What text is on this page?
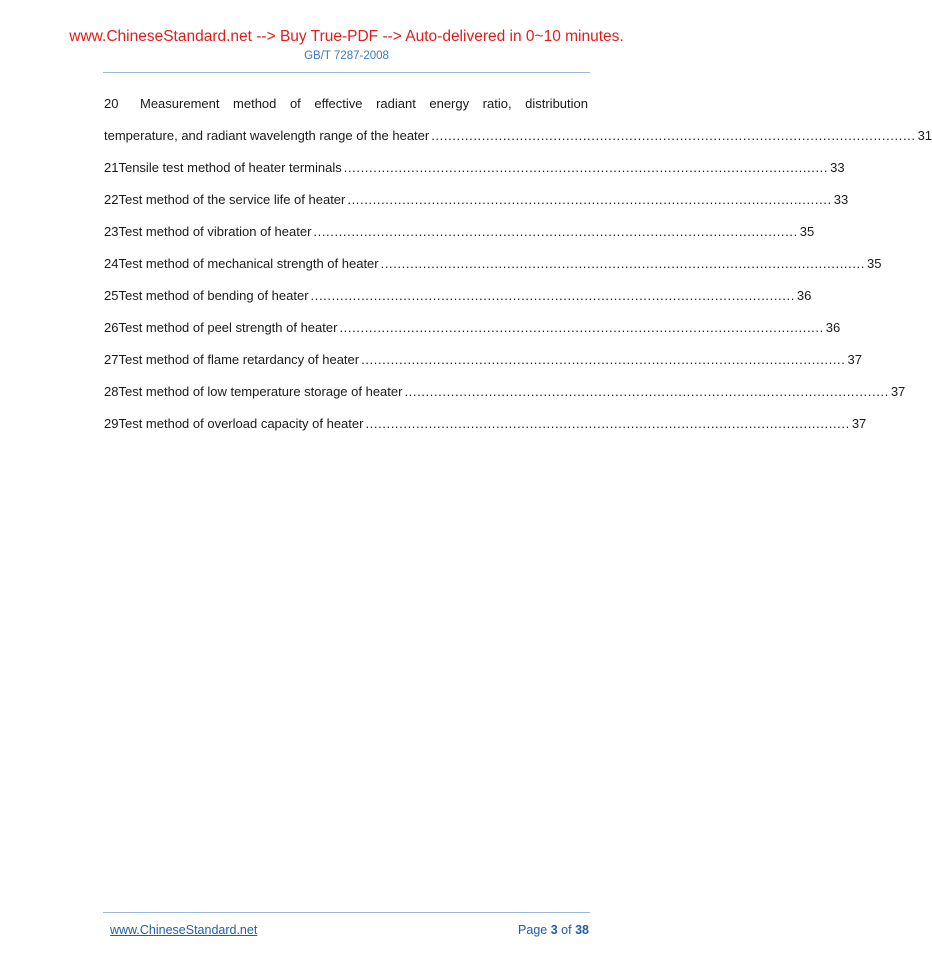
www.ChineseStandard.net --> Buy True-PDF --> Auto-delivered in 0~10 minutes.
GB/T 7287-2008
20 Measurement method of effective radiant energy ratio, distribution
temperature, and radiant wavelength range of the heater ................................................................................................................... 31
21 Tensile test method of heater terminals ................................................................................................................... 33
22 Test method of the service life of heater ................................................................................................................... 33
23 Test method of vibration of heater ................................................................................................................... 35
24 Test method of mechanical strength of heater ................................................................................................................... 35
25 Test method of bending of heater ................................................................................................................... 36
26 Test method of peel strength of heater ................................................................................................................... 36
27 Test method of flame retardancy of heater ................................................................................................................... 37
28 Test method of low temperature storage of heater ................................................................................................................... 37
29 Test method of overload capacity of heater ................................................................................................................... 37
www.ChineseStandard.net	Page 3 of 38
